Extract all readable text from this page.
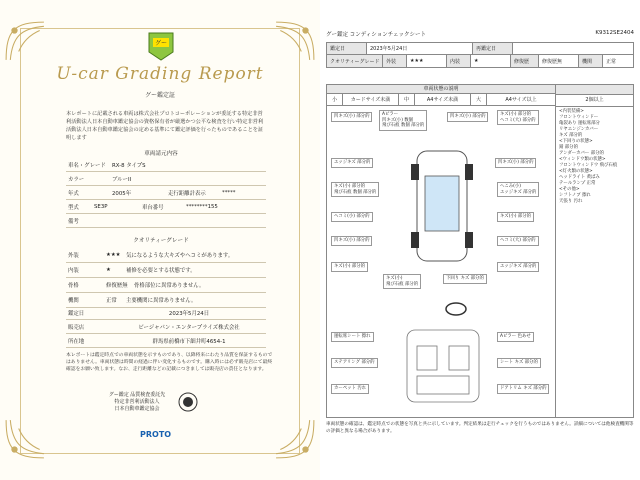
グー
U-car Grading Report
グー鑑定証
本レポートに記載される車両は株式会社プロトコーポレーションが委託する特定非営利活動法人日本自動車鑑定協会の資格保有者が厳選かつ公平な検査を行い特定非営利活動法人日本自動車鑑定協会の定める基準にて鑑定評価を行ったものであることを証明します
車両請元内容
車名・グレード	RX-8 タイプS
カラー	ブルーII
年式	2005年	走行距離計表示	*****
型式	SE3P	車台番号	********155
備考
クオリティーグレード
外装	★★★	気になるような大キズやヘコミがあります。
内装	★	補修を必要とする状態です。
骨格	修復歴無	骨格部位に異常ありません。
機関	正常	主要機関に異常ありません。
鑑定日	2023年5月24日
販売店	ビージャパン・エンタープライズ株式会社
所在地	群馬県前橋市下細井町4654-1
本レポートは鑑定時点での車両状態を示すものであり、以降将来にわたり品質を保証するものではありません。車両状態は時間の経過に伴い変化するものです。購入時には必ず販売店にて最終確認をお願い致します。なお、走行距離などの記載につきましては販売店の責任となります。
グー鑑定 品質検査委託先
特定非営利活動法人
日本自動車鑑定協会
PROTO
グー鑑定 コンディションチェックシート	K9312SE2404
鑑定日	2023年5月24日	再鑑定日
クオリティーグレード	外装	★★★	内装	★	修復歴	修復歴無	機関	正常
車両状態の説明
小	カードサイズ未満	中	A4サイズ未満	大	A4サイズ以上
凹キズ(小) 部分的	Aピラー
凹キズ(小) 数個
飛び石痕 数個 部分的
凹キズ(小) 部分的	キズ(小) 部分的
ヘコミ(大) 部分的
エッジキズ 部分的	凹キズ(小) 部分的
キズ(小) 部分的
飛び石痕 数個 部分的
へこみ(小)
エッジキズ 部分的
ヘコミ(小) 部分的	キズ(小) 部分的
凹キズ(小) 部分的	ヘコミ(大) 部分的
キズ(小) 部分的
キズ(小)
飛び石痕 部分的
下回り キズ 部分的
エッジキズ 部分的
運転席シート 擦れ	Aピラー 色あせ
ステアリング 部分的	シート キズ 部分的
カーペット 汚れ	ドアトリム キズ 部分的
2個以上
<内装装備>
フロントウィンドー
亀裂あり 運転席部分
リヤエンジンカバー
キズ 部分的
<下回りの状態>
錆 部分的
アンダーカバー 部分的
<ウィンドウ類の状態>
フロントウィンドウ 飛び石痕
<灯火類の状態>
ヘッドライト 黄ばみ
テールランプ 正常
<その他>
シフトノブ 擦れ
天張り 汚れ
車両状態の確認は、鑑定時点での状態を写真と共に示しています。判定結果は走行チェックを行うものではありません。詳細については他検査機関等の評価と異なる場合があります。
